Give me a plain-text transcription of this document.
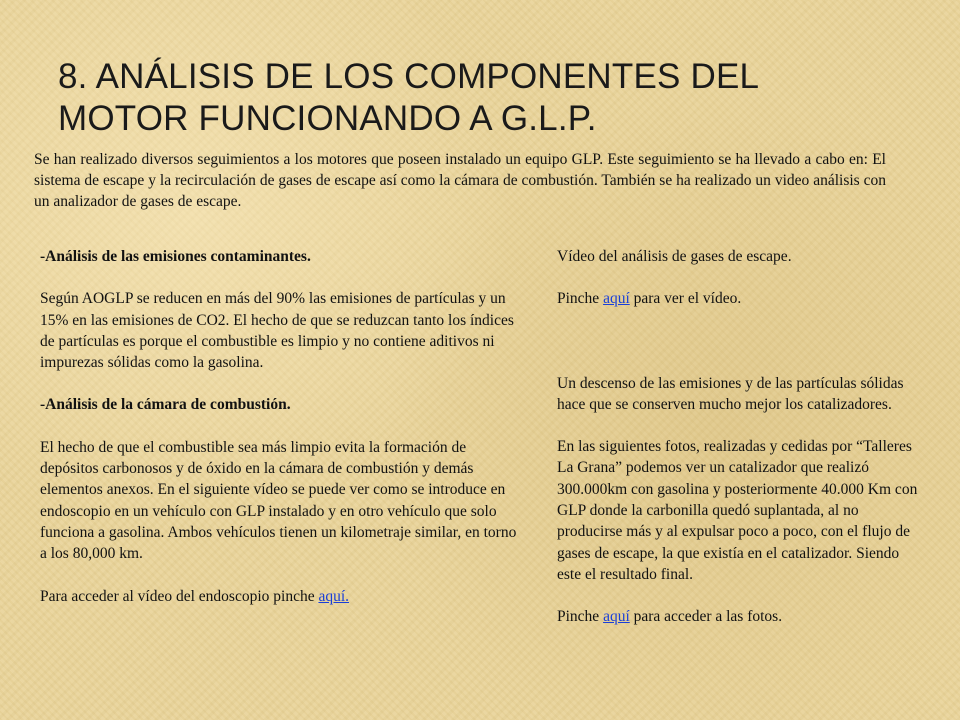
8. ANÁLISIS DE LOS COMPONENTES DEL
MOTOR FUNCIONANDO A G.L.P.
Se han realizado diversos seguimientos a los motores que poseen instalado un equipo GLP. Este seguimiento se ha llevado a cabo en: El sistema de escape y la recirculación de gases de escape así como la cámara de combustión. También se ha realizado un video análisis con un analizador de gases de escape.

-Análisis de las emisiones contaminantes.

Según AOGLP se reducen en más del 90% las emisiones de partículas y un 15% en las emisiones de CO2. El hecho de que se reduzcan tanto los índices de partículas es porque el combustible es limpio y no contiene aditivos ni impurezas sólidas como la gasolina.

-Análisis de la cámara de combustión.

El hecho de que el combustible sea más limpio evita la formación de depósitos carbonosos y de óxido en la cámara de combustión y demás elementos anexos. En el siguiente vídeo se puede ver como se introduce en endoscopio en un vehículo con GLP instalado y en otro vehículo que solo funciona a gasolina. Ambos vehículos tienen un kilometraje similar, en torno a los 80,000 km.

Para acceder al vídeo del endoscopio pinche aquí.

Vídeo del análisis de gases de escape.

Pinche aquí para ver el vídeo.

Un descenso de las emisiones y de las partículas sólidas hace que se conserven mucho mejor los catalizadores.

En las siguientes fotos, realizadas y cedidas por “Talleres La Grana” podemos ver un catalizador que realizó 300.000km con gasolina y posteriormente 40.000 Km con GLP donde la carbonilla quedó suplantada, al no producirse más y al expulsar poco a poco, con el flujo de gases de escape, la que existía en el catalizador. Siendo este el resultado final.

Pinche aquí para acceder a las fotos.
